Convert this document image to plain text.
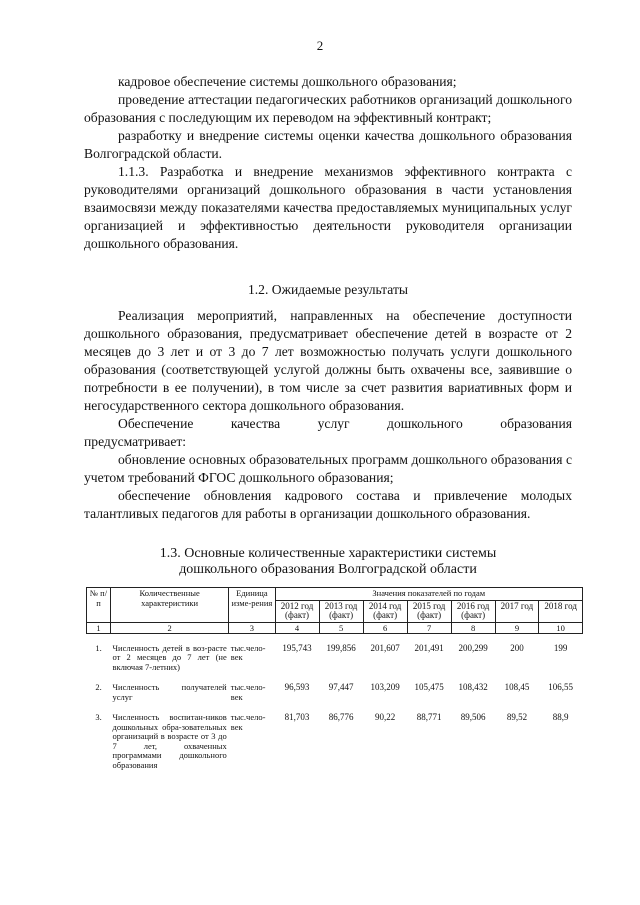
2
кадровое обеспечение системы дошкольного образования;
проведение аттестации педагогических работников организаций дошкольного образования с последующим их переводом на эффективный контракт;
разработку и внедрение системы оценки качества дошкольного образования Волгоградской области.
1.1.3. Разработка и внедрение механизмов эффективного контракта с руководителями организаций дошкольного образования в части установления взаимосвязи между показателями качества предоставляемых муниципальных услуг организацией и эффективностью деятельности руководителя организации дошкольного образования.
1.2. Ожидаемые результаты
Реализация мероприятий, направленных на обеспечение доступности дошкольного образования, предусматривает обеспечение детей в возрасте от 2 месяцев до 3 лет и от 3 до 7 лет возможностью получать услуги дошкольного образования (соответствующей услугой должны быть охвачены все, заявившие о потребности в ее получении), в том числе за счет развития вариативных форм и негосударственного сектора дошкольного образования.
Обеспечение качества услуг дошкольного образования
предусматривает:
обновление основных образовательных программ дошкольного образования с учетом требований ФГОС дошкольного образования;
обеспечение обновления кадрового состава и привлечение молодых талантливых педагогов для работы в организации дошкольного образования.
1.3. Основные количественные характеристики системы
дошкольного образования Волгоградской области
№ п/п	Количественные характеристики	Единица изме-рения	Значения показателей по годам						
			2012 год (факт)	2013 год (факт)	2014 год (факт)	2015 год (факт)	2016 год (факт)	2017 год	2018 год
1	2	3	4	5	6	7	8	9	10
1.	Численность детей в воз-расте от 2 месяцев до 7 лет (не включая 7-летних)	тыс.чело-век	195,743	199,856	201,607	201,491	200,299	200	199
2.	Численность получателей услуг	тыс.чело-век	96,593	97,447	103,209	105,475	108,432	108,45	106,55
3.	Численность воспитан-ников дошкольных обра-зовательных организаций в возрасте от 3 до 7 лет, охваченных программами дошкольного образования	тыс.чело-век	81,703	86,776	90,22	88,771	89,506	89,52	88,9
